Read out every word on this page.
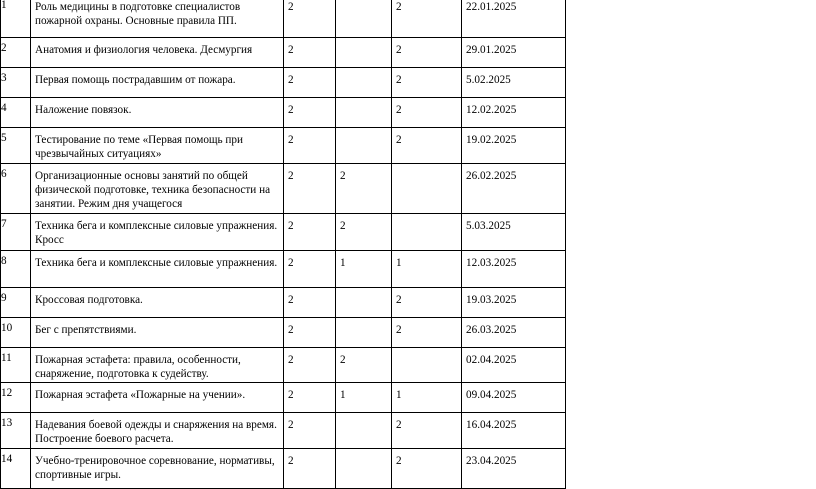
1	Роль медицины в подготовке специалистов пожарной охраны. Основные правила ПП.	2		2	22.01.2025

2	Анатомия и физиология человека. Десмургия	2		2	29.01.2025

3	Первая помощь пострадавшим от пожара.	2		2	5.02.2025

4	Наложение повязок.	2		2	12.02.2025

5	Тестирование по теме «Первая помощь при чрезвычайных ситуациях»	2		2	19.02.2025

6	Организационные основы занятий по общей физической подготовке, техника безопасности на занятии. Режим дня учащегося	2	2		26.02.2025

7	Техника бега и комплексные силовые упражнения. Кросс	2	2		5.03.2025

8	Техника бега и комплексные силовые упражнения.	2	1	1	12.03.2025

9	Кроссовая подготовка.	2		2	19.03.2025

10	Бег с препятствиями.	2		2	26.03.2025

11	Пожарная эстафета: правила, особенности, снаряжение, подготовка к судейству.	2	2		02.04.2025

12	Пожарная эстафета «Пожарные на учении».	2	1	1	09.04.2025

13	Надевания боевой одежды и снаряжения на время. Построение боевого расчета.	2		2	16.04.2025

14	Учебно-тренировочное соревнование, нормативы, спортивные игры.	2		2	23.04.2025
